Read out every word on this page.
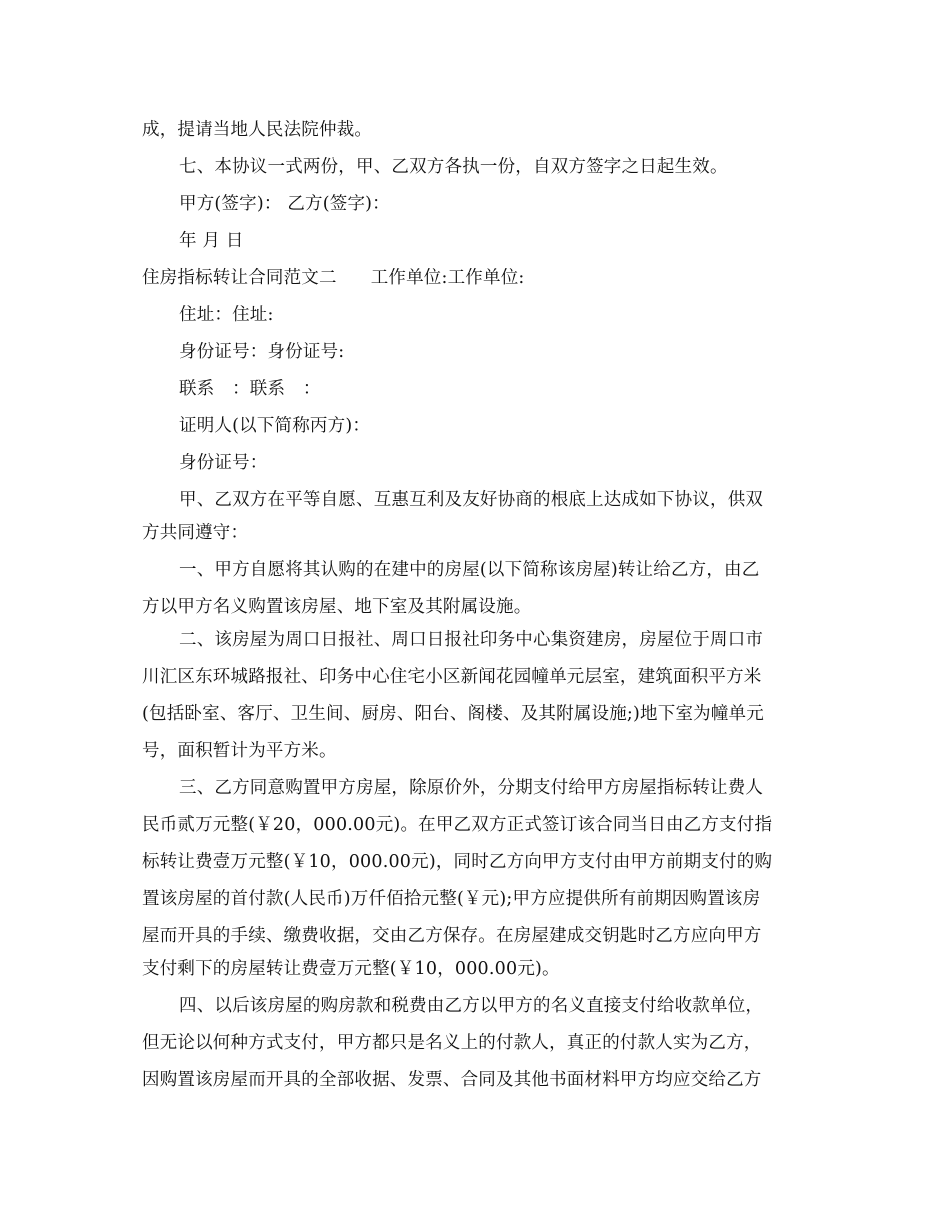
成，提请当地人民法院仲裁。
七、本协议一式两份，甲、乙双方各执一份，自双方签字之日起生效。
甲方(签字)： 乙方(签字)：
年 月 日
住房指标转让合同范文二 工作单位:工作单位:
住址：住址:
身份证号：身份证号:
联系　：联系　：
证明人(以下简称丙方)：
身份证号：
甲、乙双方在平等自愿、互惠互利及友好协商的根底上达成如下协议，供双
方共同遵守：
一、甲方自愿将其认购的在建中的房屋(以下简称该房屋)转让给乙方，由乙
方以甲方名义购置该房屋、地下室及其附属设施。
二、该房屋为周口日报社、周口日报社印务中心集资建房，房屋位于周口市
川汇区东环城路报社、印务中心住宅小区新闻花园幢单元层室，建筑面积平方米
(包括卧室、客厅、卫生间、厨房、阳台、阁楼、及其附属设施;)地下室为幢单元
号，面积暂计为平方米。
三、乙方同意购置甲方房屋，除原价外，分期支付给甲方房屋指标转让费人
民币贰万元整(￥20，000.00元)。在甲乙双方正式签订该合同当日由乙方支付指
标转让费壹万元整(￥10，000.00元)，同时乙方向甲方支付由甲方前期支付的购
置该房屋的首付款(人民币)万仟佰拾元整(￥元);甲方应提供所有前期因购置该房
屋而开具的手续、缴费收据，交由乙方保存。在房屋建成交钥匙时乙方应向甲方
支付剩下的房屋转让费壹万元整(￥10，000.00元)。
四、以后该房屋的购房款和税费由乙方以甲方的名义直接支付给收款单位，
但无论以何种方式支付，甲方都只是名义上的付款人，真正的付款人实为乙方，
因购置该房屋而开具的全部收据、发票、合同及其他书面材料甲方均应交给乙方
